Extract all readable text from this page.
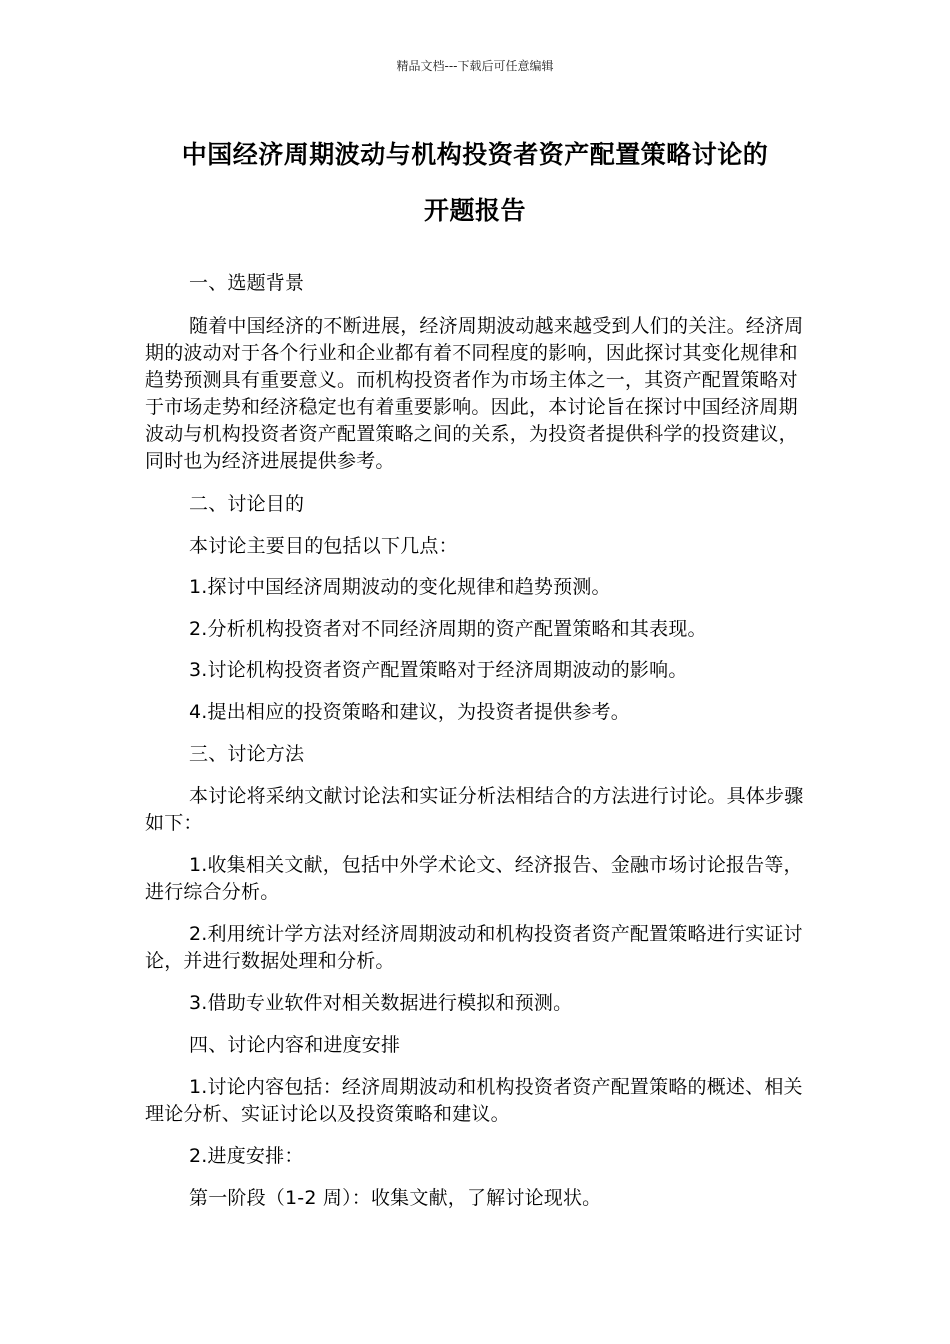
精品文档---下载后可任意编辑
中国经济周期波动与机构投资者资产配置策略讨论的
开题报告
一、选题背景
随着中国经济的不断进展，经济周期波动越来越受到人们的关注。经济周期的波动对于各个行业和企业都有着不同程度的影响，因此探讨其变化规律和趋势预测具有重要意义。而机构投资者作为市场主体之一，其资产配置策略对于市场走势和经济稳定也有着重要影响。因此，本讨论旨在探讨中国经济周期波动与机构投资者资产配置策略之间的关系，为投资者提供科学的投资建议，同时也为经济进展提供参考。
二、讨论目的
本讨论主要目的包括以下几点：
1.探讨中国经济周期波动的变化规律和趋势预测。
2.分析机构投资者对不同经济周期的资产配置策略和其表现。
3.讨论机构投资者资产配置策略对于经济周期波动的影响。
4.提出相应的投资策略和建议，为投资者提供参考。
三、讨论方法
本讨论将采纳文献讨论法和实证分析法相结合的方法进行讨论。具体步骤如下：
1.收集相关文献，包括中外学术论文、经济报告、金融市场讨论报告等，进行综合分析。
2.利用统计学方法对经济周期波动和机构投资者资产配置策略进行实证讨论，并进行数据处理和分析。
3.借助专业软件对相关数据进行模拟和预测。
四、讨论内容和进度安排
1.讨论内容包括：经济周期波动和机构投资者资产配置策略的概述、相关理论分析、实证讨论以及投资策略和建议。
2.进度安排：
第一阶段（1-2 周）：收集文献，了解讨论现状。
